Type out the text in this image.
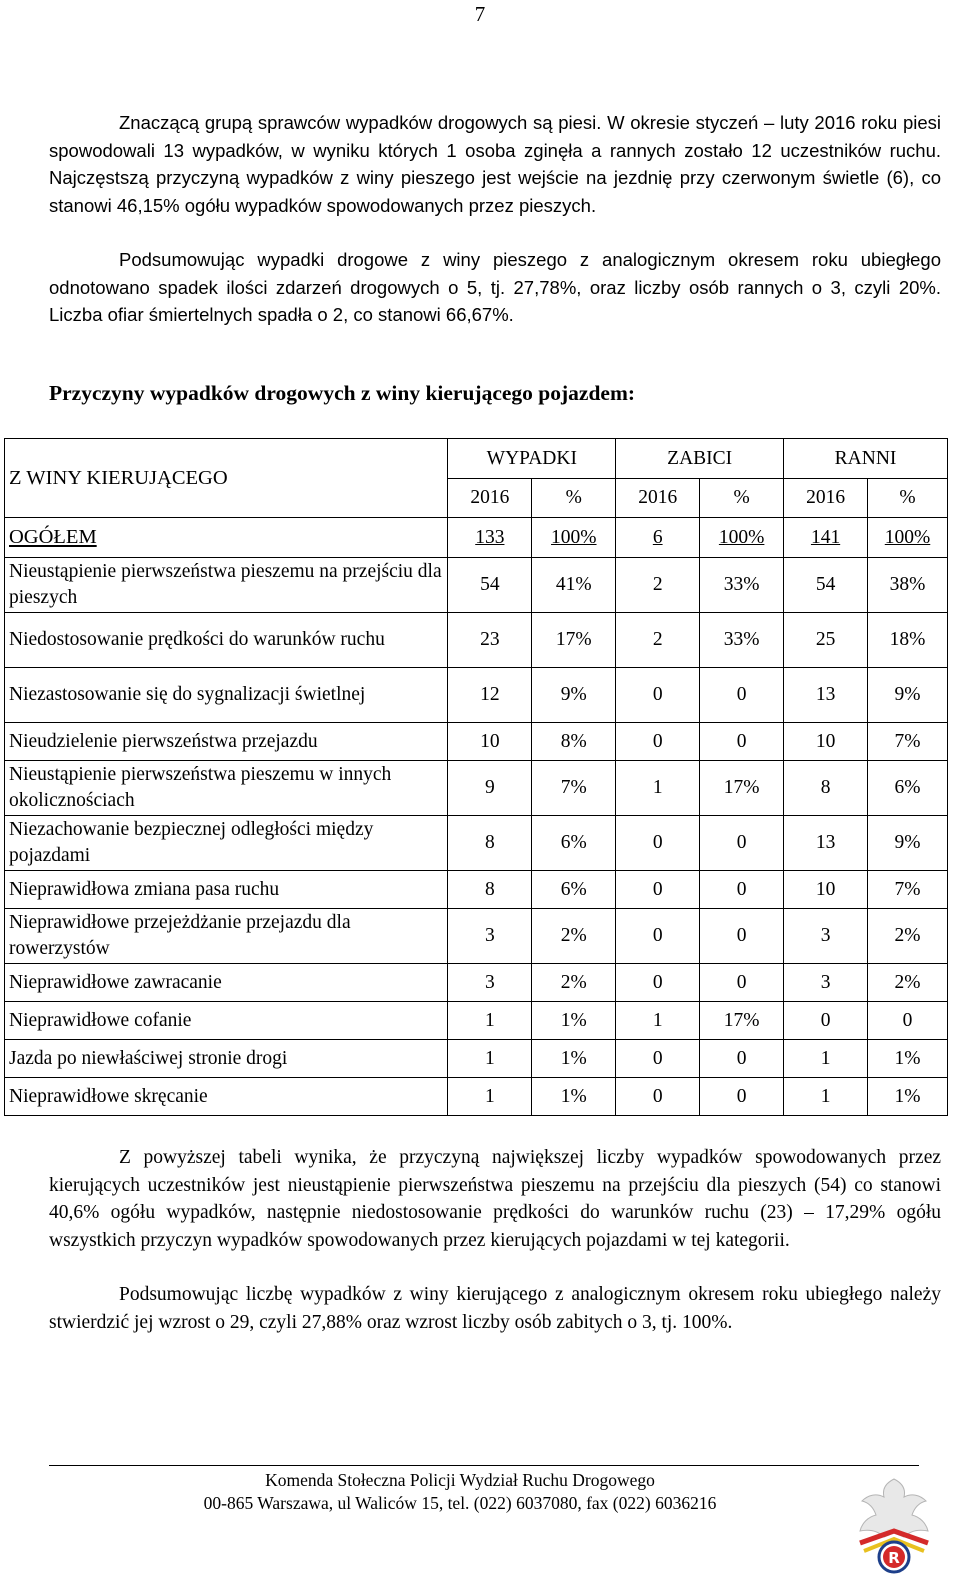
7

Znaczącą grupą sprawców wypadków drogowych są piesi. W okresie styczeń – luty 2016 roku piesi spowodowali 13 wypadków, w wyniku których 1 osoba zginęła a rannych zostało 12 uczestników ruchu. Najczęstszą przyczyną wypadków z winy pieszego jest wejście na jezdnię przy czerwonym świetle (6), co stanowi 46,15% ogółu wypadków spowodowanych przez pieszych.

Podsumowując wypadki drogowe z winy pieszego z analogicznym okresem roku ubiegłego odnotowano spadek ilości zdarzeń drogowych o 5, tj. 27,78%, oraz liczby osób rannych o 3, czyli 20%. Liczba ofiar śmiertelnych spadła o 2, co stanowi 66,67%.

Przyczyny wypadków drogowych z winy kierującego pojazdem:
Z WINY KIERUJĄCEGO	WYPADKI		ZABICI		RANNI	
	2016	%	2016	%	2016	%
OGÓŁEM	133	100%	6	100%	141	100%
Nieustąpienie pierwszeństwa pieszemu na przejściu dla pieszych	54	41%	2	33%	54	38%
Niedostosowanie prędkości do warunków ruchu	23	17%	2	33%	25	18%
Niezastosowanie się do sygnalizacji świetlnej	12	9%	0	0	13	9%
Nieudzielenie pierwszeństwa przejazdu	10	8%	0	0	10	7%
Nieustąpienie pierwszeństwa pieszemu w innych okolicznościach	9	7%	1	17%	8	6%
Niezachowanie bezpiecznej odległości między pojazdami	8	6%	0	0	13	9%
Nieprawidłowa zmiana pasa ruchu	8	6%	0	0	10	7%
Nieprawidłowe przejeżdżanie przejazdu dla rowerzystów	3	2%	0	0	3	2%
Nieprawidłowe zawracanie	3	2%	0	0	3	2%
Nieprawidłowe cofanie	1	1%	1	17%	0	0
Jazda po niewłaściwej stronie drogi	1	1%	0	0	1	1%
Nieprawidłowe skręcanie	1	1%	0	0	1	1%

Z powyższej tabeli wynika, że przyczyną największej liczby wypadków spowodowanych przez kierujących uczestników jest nieustąpienie pierwszeństwa pieszemu na przejściu dla pieszych (54) co stanowi 40,6% ogółu wypadków, następnie niedostosowanie prędkości do warunków ruchu (23) – 17,29% ogółu wszystkich przyczyn wypadków spowodowanych przez kierujących pojazdami w tej kategorii.

Podsumowując liczbę wypadków z winy kierującego z analogicznym okresem roku ubiegłego należy stwierdzić jej wzrost o 29, czyli 27,88% oraz wzrost liczby osób zabitych o 3, tj. 100%.

Komenda Stołeczna Policji Wydział Ruchu Drogowego
00-865 Warszawa, ul Waliców 15, tel. (022) 6037080, fax (022) 6036216
R
